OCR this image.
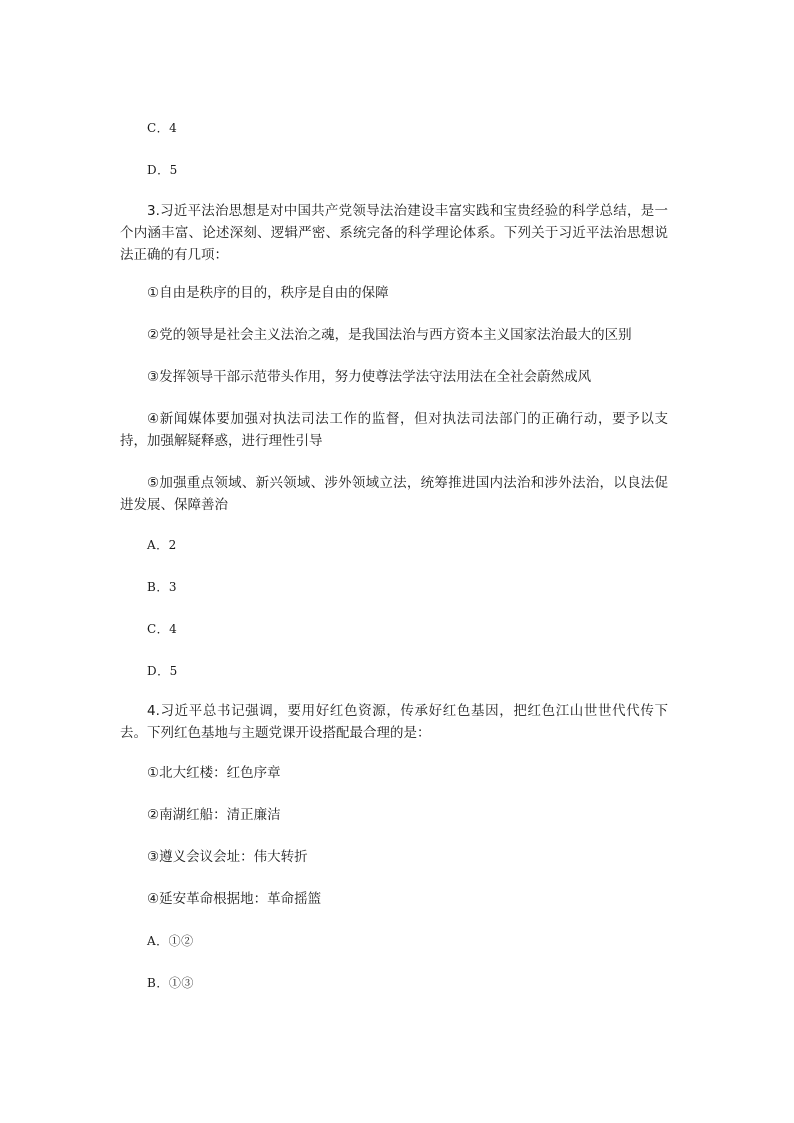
C．4
D．5
3.习近平法治思想是对中国共产党领导法治建设丰富实践和宝贵经验的科学总结，是一个内涵丰富、论述深刻、逻辑严密、系统完备的科学理论体系。下列关于习近平法治思想说法正确的有几项：
①自由是秩序的目的，秩序是自由的保障
②党的领导是社会主义法治之魂，是我国法治与西方资本主义国家法治最大的区别
③发挥领导干部示范带头作用，努力使尊法学法守法用法在全社会蔚然成风
④新闻媒体要加强对执法司法工作的监督，但对执法司法部门的正确行动，要予以支持，加强解疑释惑，进行理性引导
⑤加强重点领域、新兴领域、涉外领域立法，统筹推进国内法治和涉外法治，以良法促进发展、保障善治
A．2
B．3
C．4
D．5
4.习近平总书记强调，要用好红色资源，传承好红色基因，把红色江山世世代代传下去。下列红色基地与主题党课开设搭配最合理的是：
①北大红楼：红色序章
②南湖红船：清正廉洁
③遵义会议会址：伟大转折
④延安革命根据地：革命摇篮
A．①②
B．①③
